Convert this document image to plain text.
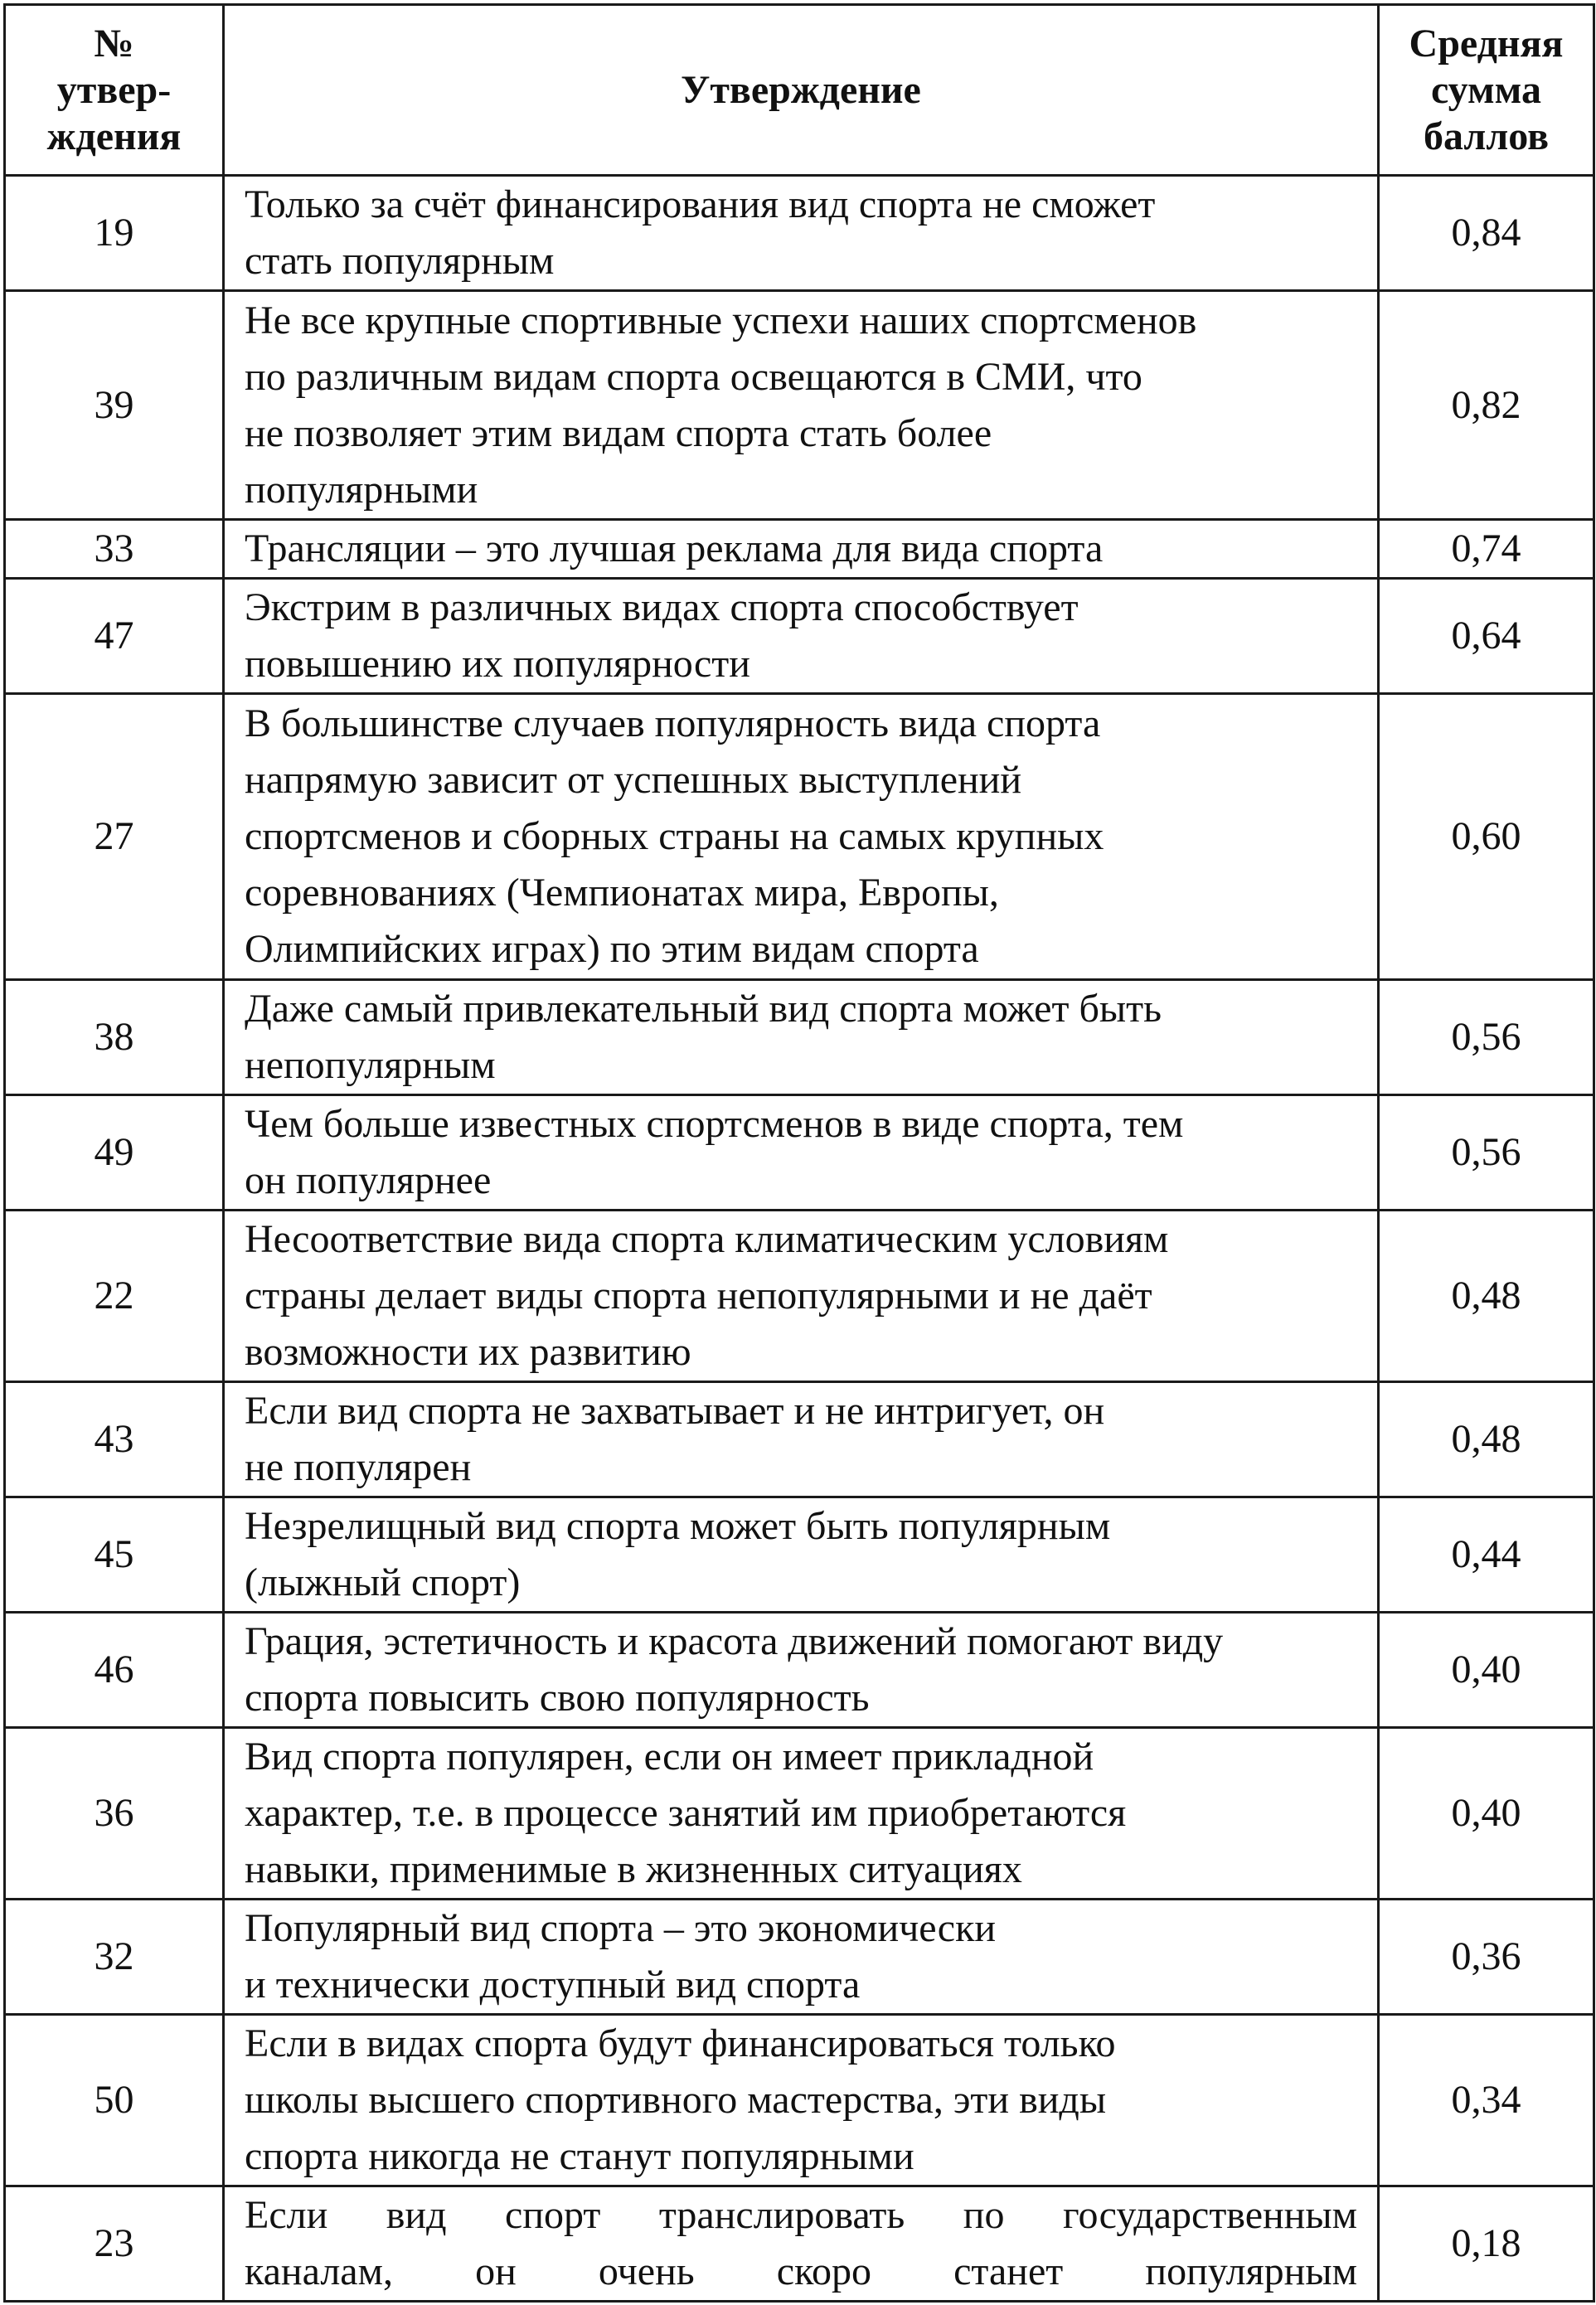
№
утвер-
ждения	Утверждение	Средняя
сумма
баллов

19	Только за счёт финансирования вид спорта не сможет
стать популярным	0,84
39	Не все крупные спортивные успехи наших спортсменов
по различным видам спорта освещаются в СМИ, что
не позволяет этим видам спорта стать более
популярными	0,82
33	Трансляции – это лучшая реклама для вида спорта	0,74
47	Экстрим в различных видах спорта способствует
повышению их популярности	0,64
27	В большинстве случаев популярность вида спорта
напрямую зависит от успешных выступлений
спортсменов и сборных страны на самых крупных
соревнованиях (Чемпионатах мира, Европы,
Олимпийских играх) по этим видам спорта	0,60
38	Даже самый привлекательный вид спорта может быть
непопулярным	0,56
49	Чем больше известных спортсменов в виде спорта, тем
он популярнее	0,56
22	Несоответствие вида спорта климатическим условиям
страны делает виды спорта непопулярными и не даёт
возможности их развитию	0,48
43	Если вид спорта не захватывает и не интригует, он
не популярен	0,48
45	Незрелищный вид спорта может быть популярным
(лыжный спорт)	0,44
46	Грация, эстетичность и красота движений помогают виду
спорта повысить свою популярность	0,40
36	Вид спорта популярен, если он имеет прикладной
характер, т.е. в процессе занятий им приобретаются
навыки, применимые в жизненных ситуациях	0,40
32	Популярный вид спорта – это экономически
и технически доступный вид спорта	0,36
50	Если в видах спорта будут финансироваться только
школы высшего спортивного мастерства, эти виды
спорта никогда не станут популярными	0,34
23	Если вид спорт транслировать по государственным
каналам, он очень скоро станет популярным	0,18
